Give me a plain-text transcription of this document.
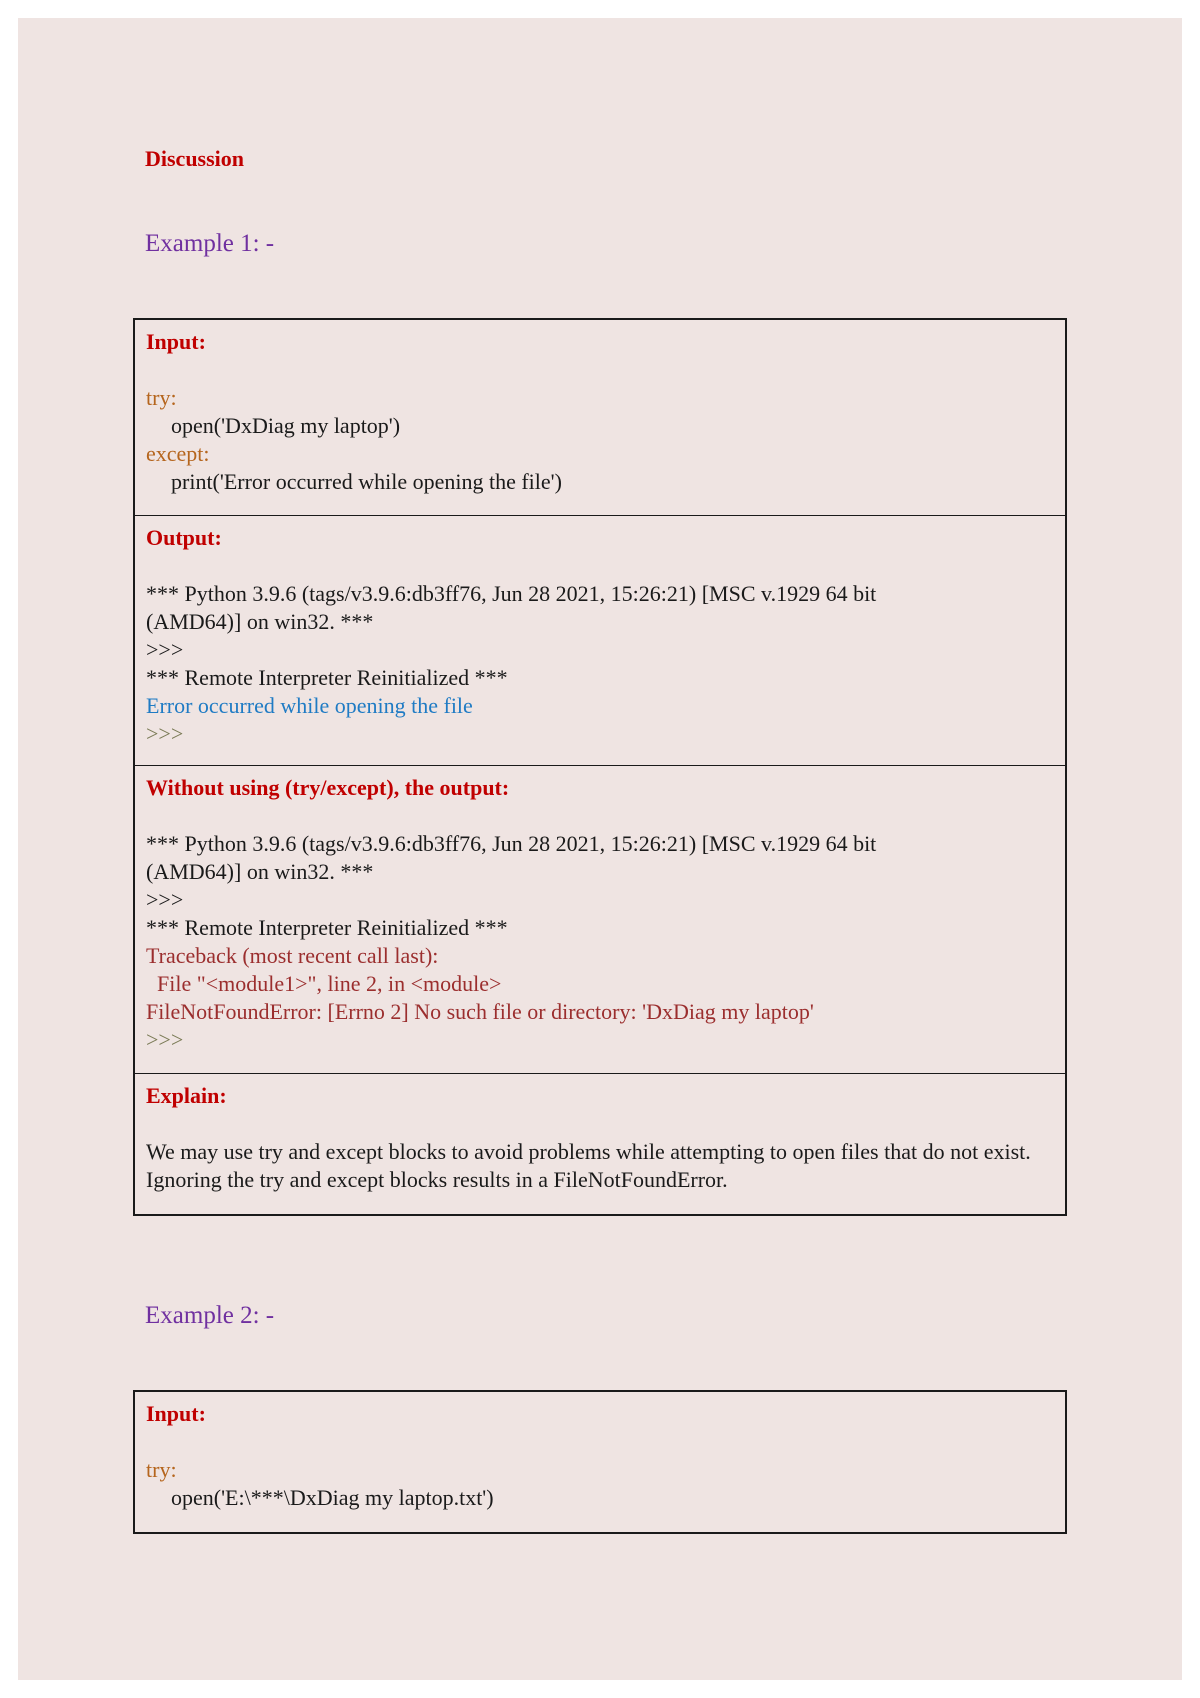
Discussion
Example 1: -
Input:
try:
open('DxDiag my laptop')
except:
print('Error occurred while opening the file')
Output:
*** Python 3.9.6 (tags/v3.9.6:db3ff76, Jun 28 2021, 15:26:21) [MSC v.1929 64 bit
(AMD64)] on win32. ***
>>>
*** Remote Interpreter Reinitialized ***
Error occurred while opening the file
>>>
Without using (try/except), the output:
*** Python 3.9.6 (tags/v3.9.6:db3ff76, Jun 28 2021, 15:26:21) [MSC v.1929 64 bit
(AMD64)] on win32. ***
>>>
*** Remote Interpreter Reinitialized ***
Traceback (most recent call last):
File "<module1>", line 2, in <module>
FileNotFoundError: [Errno 2] No such file or directory: 'DxDiag my laptop'
>>>
Explain:
We may use try and except blocks to avoid problems while attempting to open files that do not exist. Ignoring the try and except blocks results in a FileNotFoundError.
Example 2: -
Input:
try:
open('E:\***\DxDiag my laptop.txt')
